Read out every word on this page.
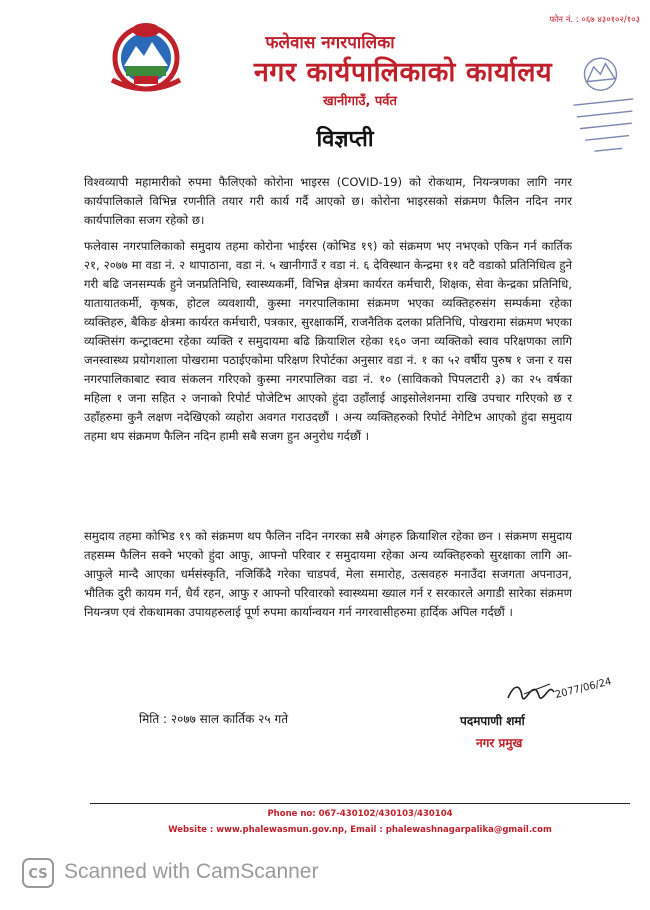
फोन नं. : ०६७ ४३०१०२/१०३
फलेवास नगरपालिका
नगर कार्यपालिकाको कार्यालय
खानीगाउँ, पर्वत
विज्ञप्ती
विश्वव्यापी महामारीको रुपमा फैलिएको कोरोना भाइरस (COVID-19) को रोकथाम, नियन्त्रणका लागि नगर कार्यपालिकाले विभिन्न रणनीति तयार गरी कार्य गर्दै आएको छ। कोरोना भाइरसको संक्रमण फैलिन नदिन नगर कार्यपालिका सजग रहेको छ।
फलेवास नगरपालिकाको समुदाय तहमा कोरोना भाईरस (कोभिड १९) को संक्रमण भए नभएको एकिन गर्न कार्तिक २१, २०७७ मा वडा नं. २ थापाठाना, वडा नं. ५ खानीगाउँ र वडा नं. ६ देविस्थान केन्द्रमा ११ वटै वडाको प्रतिनिधित्व हुने गरी बढि जनसम्पर्क हुने जनप्रतिनिधि, स्वास्थ्यकर्मी, विभिन्न क्षेत्रमा कार्यरत कर्मचारी, शिक्षक, सेवा केन्द्रका प्रतिनिधि, यातायातकर्मी, कृषक, होटल व्यवशायी, कुस्मा नगरपालिकामा संक्रमण भएका व्यक्तिहरुसंग सम्पर्कमा रहेका व्यक्तिहरु, बैकिङ क्षेत्रमा कार्यरत कर्मचारी, पत्रकार, सुरक्षाकर्मि, राजनैतिक दलका प्रतिनिधि, पोखरामा संक्रमण भएका व्यक्तिसंग कन्ट्राक्टमा रहेका व्यक्ति र समुदायमा बढि क्रियाशिल रहेका १६० जना व्यक्तिको स्वाव परिक्षणका लागि जनस्वास्थ्य प्रयोगशाला पोखरामा पठाईएकोमा परिक्षण रिपोर्टका अनुसार वडा नं. १ का ५२ वर्षीय पुरुष १ जना र यस नगरपालिकाबाट स्वाव संकलन गरिएको कुस्मा नगरपालिका वडा नं. १० (साविकको पिपलटारी ३) का २५ वर्षका महिला १ जना सहित २ जनाको रिपोर्ट पोजेटिभ आएको हुंदा उहाँलाई आइसोलेशनमा राखि उपचार गरिएको छ र उहाँहरुमा कुनै लक्षण नदेखिएको व्यहोरा अवगत गराउदछौं । अन्य व्यक्तिहरुको रिपोर्ट नेगेटिभ आएको हुंदा समुदाय तहमा थप संक्रमण फैलिन नदिन हामी सबै सजग हुन अनुरोध गर्दछौं ।
समुदाय तहमा कोभिड १९ को संक्रमण थप फैलिन नदिन नगरका सबै अंगहरु क्रियाशिल रहेका छन । संक्रमण समुदाय तहसम्म फैलिन सक्ने भएको हुंदा आफु, आफ्नो परिवार र समुदायमा रहेका अन्य व्यक्तिहरुको सुरक्षाका लागि आ-आफुले मान्दै आएका धर्मसंस्कृति, नजिकिँदै गरेका चाडपर्व, मेला समारोह, उत्सवहरु मनाउँदा सजगता अपनाउन, भौतिक दुरी कायम गर्न, धैर्य रहन, आफु र आफ्नो परिवारको स्वास्थ्यमा ख्याल गर्न र सरकारले अगाडी सारेका संक्रमण नियन्त्रण एवं रोकथामका उपायहरुलाई पूर्ण रुपमा कार्यान्वयन गर्न नगरवासीहरुमा हार्दिक अपिल गर्दछौं ।
2077/06/24
मिति : २०७७ साल कार्तिक २५ गते	पदमपाणी शर्मा
नगर प्रमुख
Phone no: 067-430102/430103/430104
Website : www.phalewasmun.gov.np, Email : phalewashnagarpalika@gmail.com
CS Scanned with CamScanner
